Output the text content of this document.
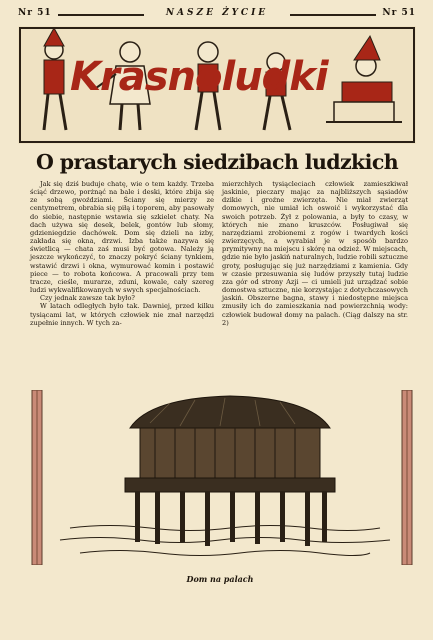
Nr 51	NASZE ŻYCIE	Nr 51
Krasnoludki
O prastarych siedzibach ludzkich

Jak się dziś buduje chatę, wie o tem każdy. Trzeba ściąć drzewo, porżnąć na bale i deski, które zbija się ze sobą gwoździami. Ściany się mierzy ze centymetrem, obrabia się piłą i toporem, aby pasowały do siebie, następnie wstawia się szkielet chaty. Na dach używa się desek, belek, gontów lub słomy, gdzieniegdzie dachówek. Dom się dzieli na izby, zakłada się okna, drzwi. Izba także nazywa się świetlicą — chata zaś musi być gotowa. Należy ją jeszcze wykończyć, to znaczy pokryć ściany tynkiem, wstawić drzwi i okna, wymurować komin i postawić piece — to robota końcowa. A pracowali przy tem tracze, cieśle, murarze, zduni, kowale, cały szereg ludzi wykwalifikowanych w swych specjalnościach.

Czy jednak zawsze tak było?

W latach odległych było tak. Dawniej, przed kilku tysiącami lat, w których człowiek nie znał narzędzi zupełnie innych. W tych za-

mierzchłych tysiącleciach człowiek zamieszkiwał jaskinie, pieczary mając za najbliższych sąsiadów dzikie i groźne zwierzęta. Nie miał zwierząt domowych, nie umiał ich oswoić i wykorzystać dla swoich potrzeb. Żył z polowania, a były to czasy, w których nie znano kruszców. Posługiwał się narzędziami zrobionemi z rogów i twardych kości zwierzęcych, a wyrabiał je w sposób bardzo prymitywny na miejscu i skórę na odzież. W miejscach, gdzie nie było jaskiń naturalnych, ludzie robili sztuczne groty, posługując się już narzędziami z kamienia. Gdy w czasie przesuwania się ludów przyszły tutaj ludzie zza gór od strony Azji — ci umieli już urządzać sobie domostwa sztuczne, nie korzystając z dotychczasowych jaskiń. Obszerne bagna, stawy i niedostępne miejsca zmusiły ich do zamieszkania nad powierzchnią wody: człowiek budował domy na palach. (Ciąg dalszy na str. 2)

Dom na palach
